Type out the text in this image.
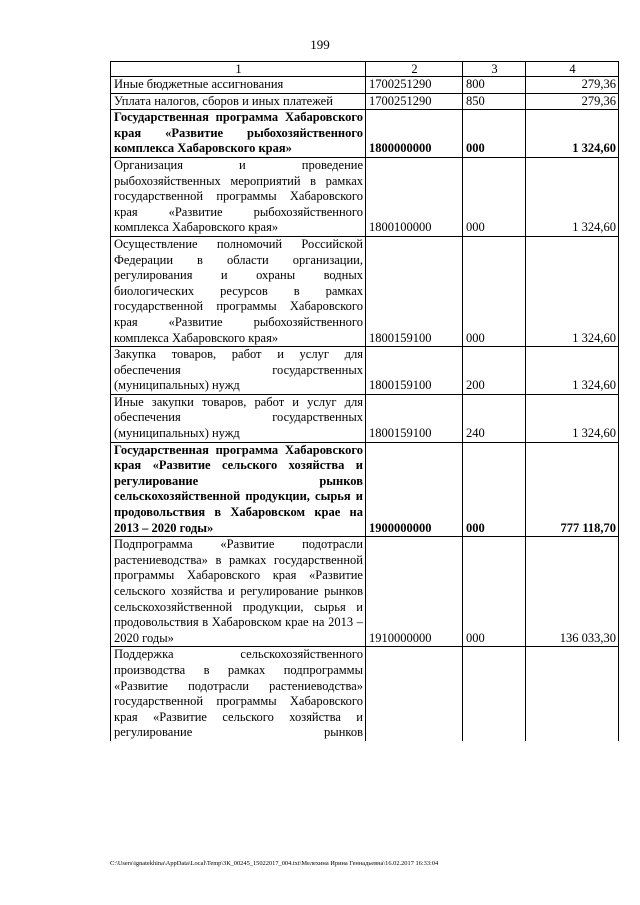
199
1	2	3	4
Иные бюджетные ассигнования	1700251290	800	279,36
Уплата налогов, сборов и иных платежей	1700251290	850	279,36
Государственная программа Хабаровского края «Развитие рыбохозяйственного комплекса Хабаровского края»	1800000000	000	1 324,60
Организация и проведение рыбохозяйственных мероприятий в рамках государственной программы Хабаровского края «Развитие рыбохозяйственного комплекса Хабаровского края»	1800100000	000	1 324,60
Осуществление полномочий Российской Федерации в области организации, регулирования и охраны водных биологических ресурсов в рамках государственной программы Хабаровского края «Развитие рыбохозяйственного комплекса Хабаровского края»	1800159100	000	1 324,60
Закупка товаров, работ и услуг для обеспечения государственных (муниципальных) нужд	1800159100	200	1 324,60
Иные закупки товаров, работ и услуг для обеспечения государственных (муниципальных) нужд	1800159100	240	1 324,60
Государственная программа Хабаровского края «Развитие сельского хозяйства и регулирование рынков сельскохозяйственной продукции, сырья и продовольствия в Хабаровском крае на 2013 – 2020 годы»	1900000000	000	777 118,70
Подпрограмма «Развитие подотрасли растениеводства» в рамках государственной программы Хабаровского края «Развитие сельского хозяйства и регулирование рынков сельскохозяйственной продукции, сырья и продовольствия в Хабаровском крае на 2013 – 2020 годы»	1910000000	000	136 033,30
Поддержка сельскохозяйственного производства в рамках подпрограммы «Развитие подотрасли растениеводства» государственной программы Хабаровского края «Развитие сельского хозяйства и регулирование рынков			
C:\Users\ignatekhina\AppData\Local\Temp\ЗК_00245_15022017_004.txt\Мелехина Ирина Геннадьевна\16.02.2017 16:33:04
